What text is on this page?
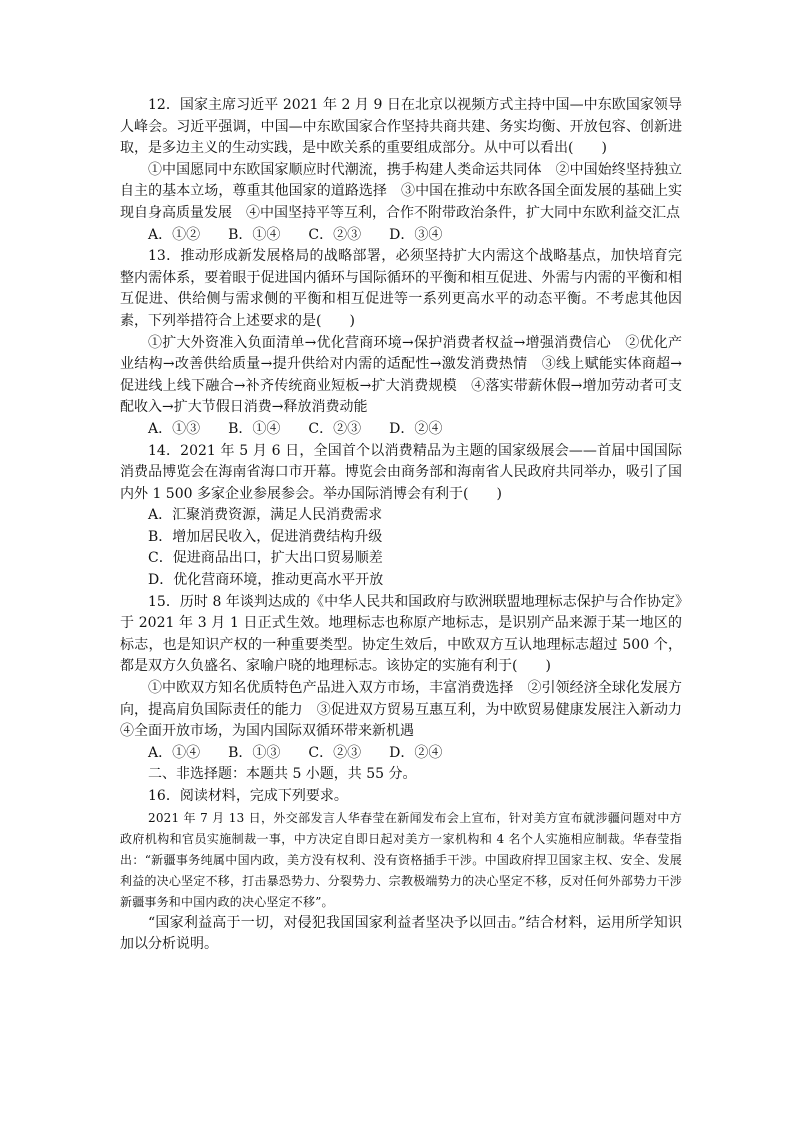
12．国家主席习近平 2021 年 2 月 9 日在北京以视频方式主持中国—中东欧国家领导人峰会。习近平强调，中国—中东欧国家合作坚持共商共建、务实均衡、开放包容、创新进取，是多边主义的生动实践，是中欧关系的重要组成部分。从中可以看出(　　)

①中国愿同中东欧国家顺应时代潮流，携手构建人类命运共同体　②中国始终坚持独立自主的基本立场，尊重其他国家的道路选择　③中国在推动中东欧各国全面发展的基础上实现自身高质量发展　④中国坚持平等互利，合作不附带政治条件，扩大同中东欧利益交汇点

A．①②　　B．①④　　C．②③　　D．③④

13．推动形成新发展格局的战略部署，必须坚持扩大内需这个战略基点，加快培育完整内需体系，要着眼于促进国内循环与国际循环的平衡和相互促进、外需与内需的平衡和相互促进、供给侧与需求侧的平衡和相互促进等一系列更高水平的动态平衡。不考虑其他因素，下列举措符合上述要求的是(　　)

①扩大外资准入负面清单→优化营商环境→保护消费者权益→增强消费信心　②优化产业结构→改善供给质量→提升供给对内需的适配性→激发消费热情　③线上赋能实体商超→促进线上线下融合→补齐传统商业短板→扩大消费规模　④落实带薪休假→增加劳动者可支配收入→扩大节假日消费→释放消费动能

A．①③　　B．①④　　C．②③　　D．②④

14．2021 年 5 月 6 日，全国首个以消费精品为主题的国家级展会——首届中国国际消费品博览会在海南省海口市开幕。博览会由商务部和海南省人民政府共同举办，吸引了国内外 1 500 多家企业参展参会。举办国际消博会有利于(　　)

A．汇聚消费资源，满足人民消费需求

B．增加居民收入，促进消费结构升级

C．促进商品出口，扩大出口贸易顺差

D．优化营商环境，推动更高水平开放

15．历时 8 年谈判达成的《中华人民共和国政府与欧洲联盟地理标志保护与合作协定》于 2021 年 3 月 1 日正式生效。地理标志也称原产地标志，是识别产品来源于某一地区的标志，也是知识产权的一种重要类型。协定生效后，中欧双方互认地理标志超过 500 个，都是双方久负盛名、家喻户晓的地理标志。该协定的实施有利于(　　)

①中欧双方知名优质特色产品进入双方市场，丰富消费选择　②引领经济全球化发展方向，提高肩负国际责任的能力　③促进双方贸易互惠互利，为中欧贸易健康发展注入新动力　④全面开放市场，为国内国际双循环带来新机遇

A．①④　　B．①③　　C．②③　　D．②④

二、非选择题：本题共 5 小题，共 55 分。

16．阅读材料，完成下列要求。

2021 年 7 月 13 日，外交部发言人华春莹在新闻发布会上宣布，针对美方宣布就涉疆问题对中方政府机构和官员实施制裁一事，中方决定自即日起对美方一家机构和 4 名个人实施相应制裁。华春莹指出：“新疆事务纯属中国内政，美方没有权利、没有资格插手干涉。中国政府捍卫国家主权、安全、发展利益的决心坚定不移，打击暴恐势力、分裂势力、宗教极端势力的决心坚定不移，反对任何外部势力干涉新疆事务和中国内政的决心坚定不移”。

“国家利益高于一切，对侵犯我国国家利益者坚决予以回击。”结合材料，运用所学知识加以分析说明。
